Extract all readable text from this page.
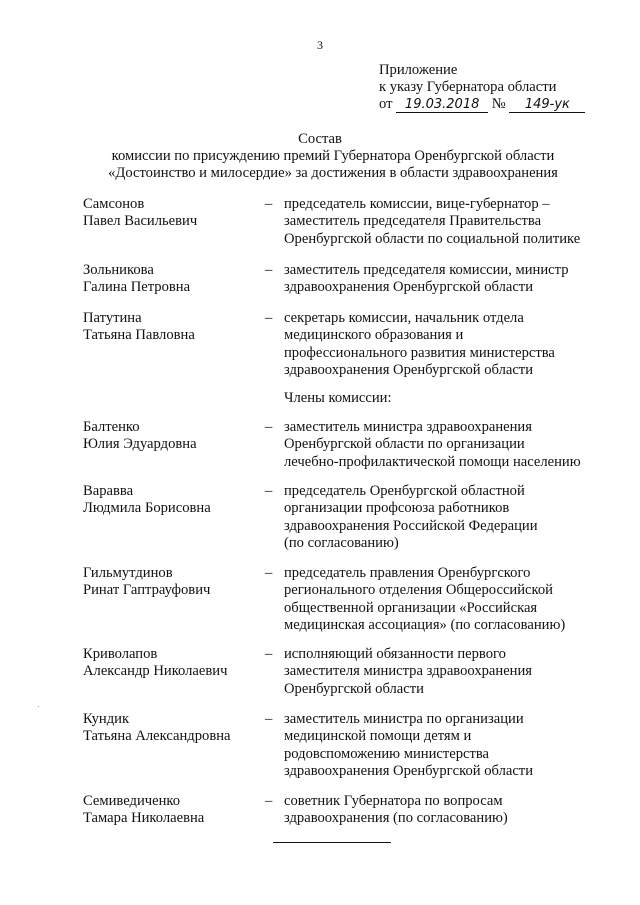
3
Приложение
к указу Губернатора области
от 19.03.2018 № 149-ук
Состав
комиссии по присуждению премий Губернатора Оренбургской области
«Достоинство и милосердие» за достижения в области здравоохранения
Самсонов
Павел Васильевич
– председатель комиссии, вице-губернатор –
заместитель председателя Правительства
Оренбургской области по социальной политике
Зольникова
Галина Петровна
– заместитель председателя комиссии, министр
здравоохранения Оренбургской области
Патутина
Татьяна Павловна
– секретарь комиссии, начальник отдела
медицинского образования и
профессионального развития министерства
здравоохранения Оренбургской области
Члены комиссии:
Балтенко
Юлия Эдуардовна
– заместитель министра здравоохранения
Оренбургской области по организации
лечебно-профилактической помощи населению
Варавва
Людмила Борисовна
– председатель Оренбургской областной
организации профсоюза работников
здравоохранения Российской Федерации
(по согласованию)
Гильмутдинов
Ринат Гаптрауфович
– председатель правления Оренбургского
регионального отделения Общероссийской
общественной организации «Российская
медицинская ассоциация» (по согласованию)
Криволапов
Александр Николаевич
– исполняющий обязанности первого
заместителя министра здравоохранения
Оренбургской области
Кундик
Татьяна Александровна
– заместитель министра по организации
медицинской помощи детям и
родовспоможению министерства
здравоохранения Оренбургской области
Семиведиченко
Тамара Николаевна
– советник Губернатора по вопросам
здравоохранения (по согласованию)
